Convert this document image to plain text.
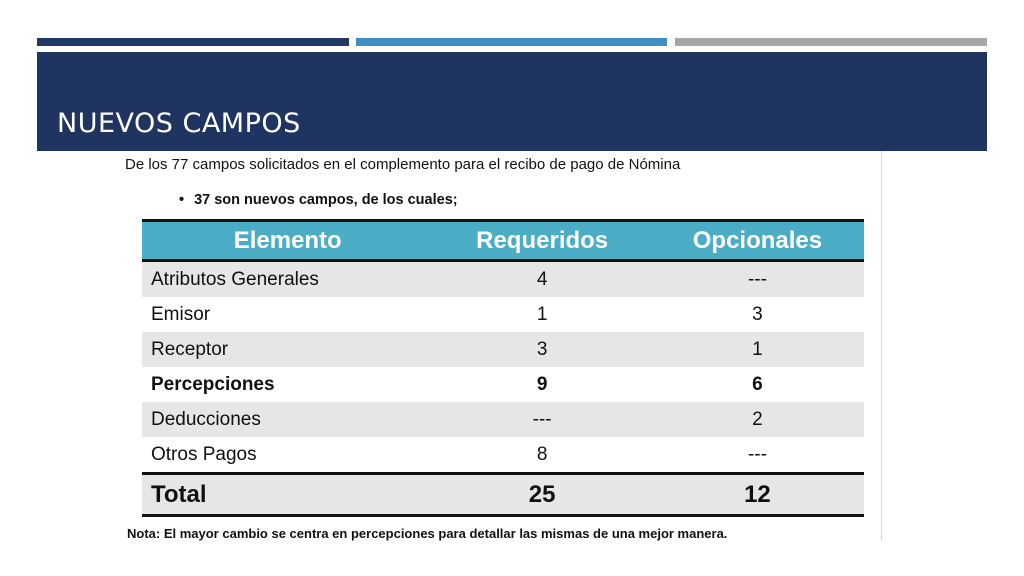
NUEVOS CAMPOS
De los 77 campos solicitados en el complemento para el recibo de pago de Nómina
• 37 son nuevos campos, de los cuales;
Elemento	Requeridos	Opcionales
Atributos Generales	4	---
Emisor	1	3
Receptor	3	1
Percepciones	9	6
Deducciones	---	2
Otros Pagos	8	---
Total	25	12
Nota: El mayor cambio se centra en percepciones para detallar las mismas de una mejor manera.
